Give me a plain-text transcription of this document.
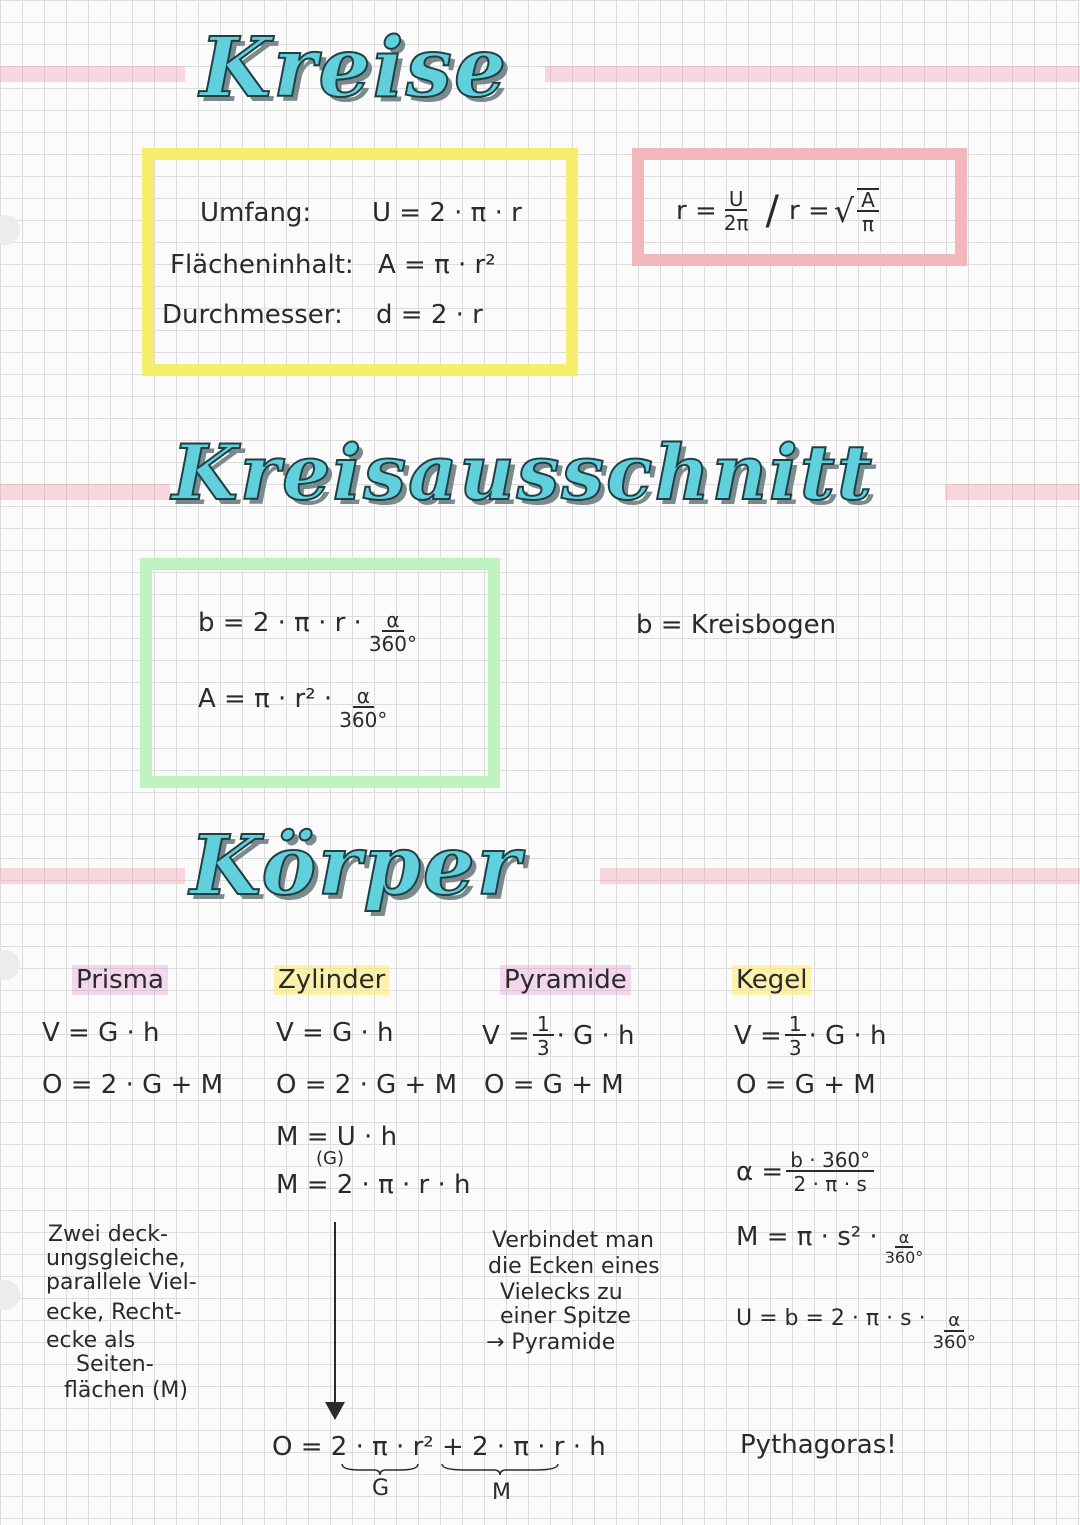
Kreise
Umfang: U = 2 · π · r
Flächeninhalt: A = π · r²
Durchmesser: d = 2 · r
$r = \frac{U}{2\pi} / r$ = √ $\frac{A}{\pi}$
Kreisausschnitt
$b = 2 \cdot \pi \cdot r \cdot \frac{\alpha}{360^\circ}$
$A = \pi \cdot r^2 \cdot \frac{\alpha}{360^\circ}$
b = Kreisbogen
Körper
Prisma
V = G · h
O = 2 · G + M
Zwei deck-
ungsgleiche,
parallele Viel-
ecke, Recht-
ecke als
Seiten-
flächen (M)
Zylinder
V = G · h
O = 2 · G + M
M = U · h
(G)
M = 2 · π · r · h
O = 2 · π · r² + 2 · π · r · h
G	M
Pyramide
$V = \frac{1}{3} \cdot G \cdot h$
O = G + M
Verbindet man
die Ecken eines
Vielecks zu
einer Spitze
→ Pyramide
Kegel
$V = \frac{1}{3} \cdot G \cdot h$
O = G + M
$\alpha = \frac{b \cdot 360^\circ}{2 \cdot \pi \cdot s}$
$M = \pi \cdot s^2 \cdot \frac{\alpha}{360^\circ}$
$U = b = 2 \cdot \pi \cdot s \cdot \frac{\alpha}{360^\circ}$
Pythagoras!
